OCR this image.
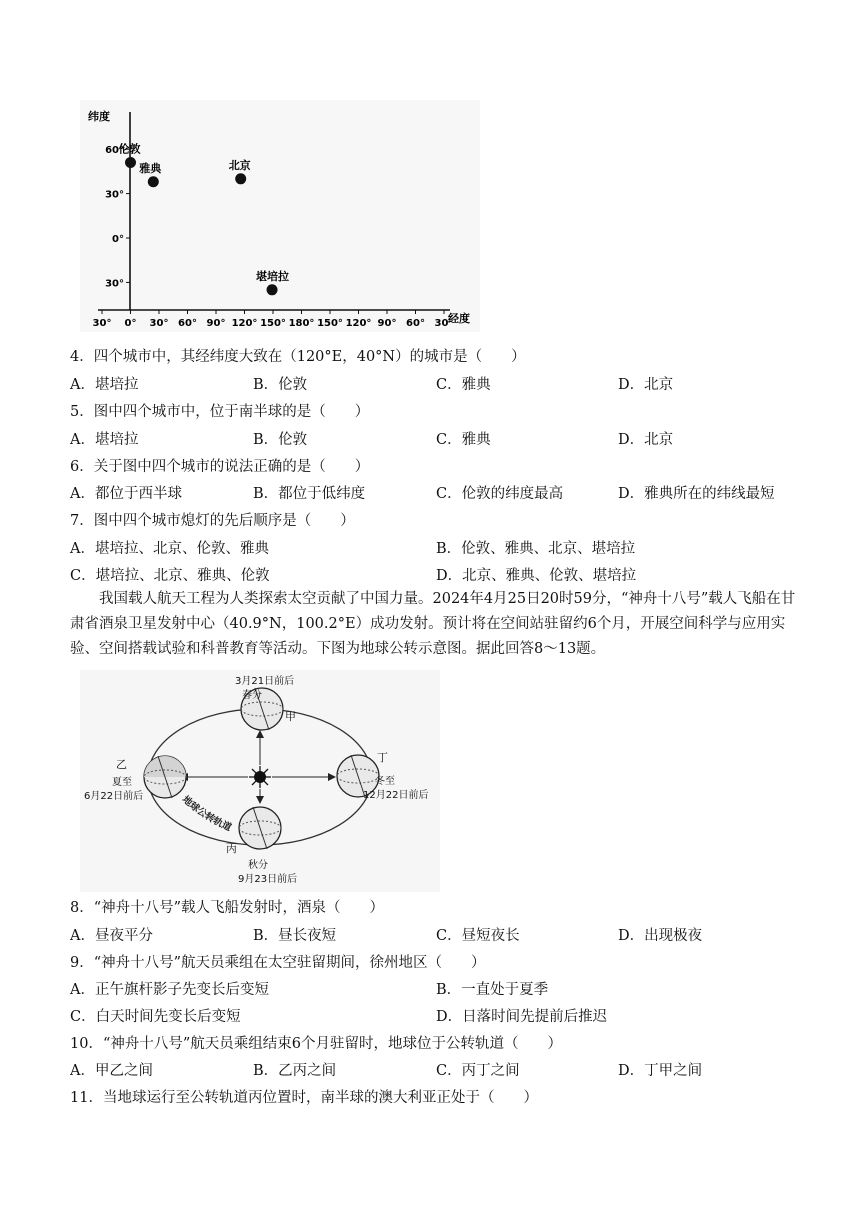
60°
30°
0°
30°
30° 0° 30° 60° 90° 120° 150° 180° 150° 120° 90° 60° 30°
伦敦
雅典	北京
堪培拉
纬度
经度
4．四个城市中，其经纬度大致在（120°E，40°N）的城市是（　　）
A．堪培拉	B．伦敦	C．雅典	D．北京
5．图中四个城市中，位于南半球的是（　　）
A．堪培拉	B．伦敦	C．雅典	D．北京
6．关于图中四个城市的说法正确的是（　　）
A．都位于西半球	B．都位于低纬度	C．伦敦的纬度最高	D．雅典所在的纬线最短
7．图中四个城市熄灯的先后顺序是（　　）
A．堪培拉、北京、伦敦、雅典	B．伦敦、雅典、北京、堪培拉
C．堪培拉、北京、雅典、伦敦	D．北京、雅典、伦敦、堪培拉
我国载人航天工程为人类探索太空贡献了中国力量。2024年4月25日20时59分，“神舟十八号”载人飞船在甘肃省酒泉卫星发射中心（40.9°N，100.2°E）成功发射。预计将在空间站驻留约6个月，开展空间科学与应用实验、空间搭载试验和科普教育等活动。下图为地球公转示意图。据此回答8～13题。
地球公转轨道
3月21日前后
春分
甲
乙
夏至
6月22日前后
丁
冬至
12月22日前后
丙
秋分
9月23日前后
8．“神舟十八号”载人飞船发射时，酒泉（　　）
A．昼夜平分	B．昼长夜短	C．昼短夜长	D．出现极夜
9．“神舟十八号”航天员乘组在太空驻留期间，徐州地区（　　）
A．正午旗杆影子先变长后变短	B．一直处于夏季
C．白天时间先变长后变短	D．日落时间先提前后推迟
10．“神舟十八号”航天员乘组结束6个月驻留时，地球位于公转轨道（　　）
A．甲乙之间	B．乙丙之间	C．丙丁之间	D．丁甲之间
11．当地球运行至公转轨道丙位置时，南半球的澳大利亚正处于（　　）
